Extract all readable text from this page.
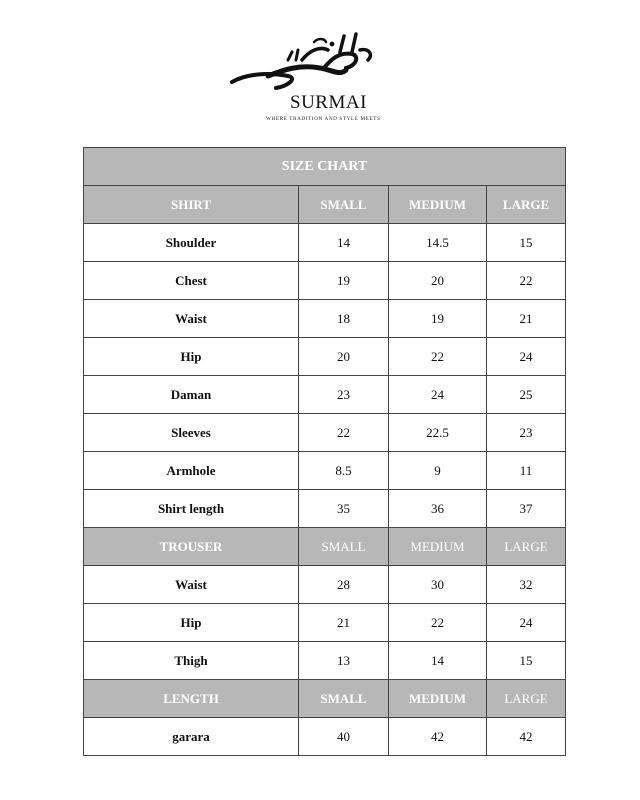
SURMAI
WHERE TRADITION AND STYLE MEETS
SIZE CHART			
SHIRT	SMALL	MEDIUM	LARGE
Shoulder	14	14.5	15
Chest	19	20	22
Waist	18	19	21
Hip	20	22	24
Daman	23	24	25
Sleeves	22	22.5	23
Armhole	8.5	9	11
Shirt length	35	36	37
TROUSER	SMALL	MEDIUM	LARGE
Waist	28	30	32
Hip	21	22	24
Thigh	13	14	15
LENGTH	SMALL	MEDIUM	LARGE
garara	40	42	42
